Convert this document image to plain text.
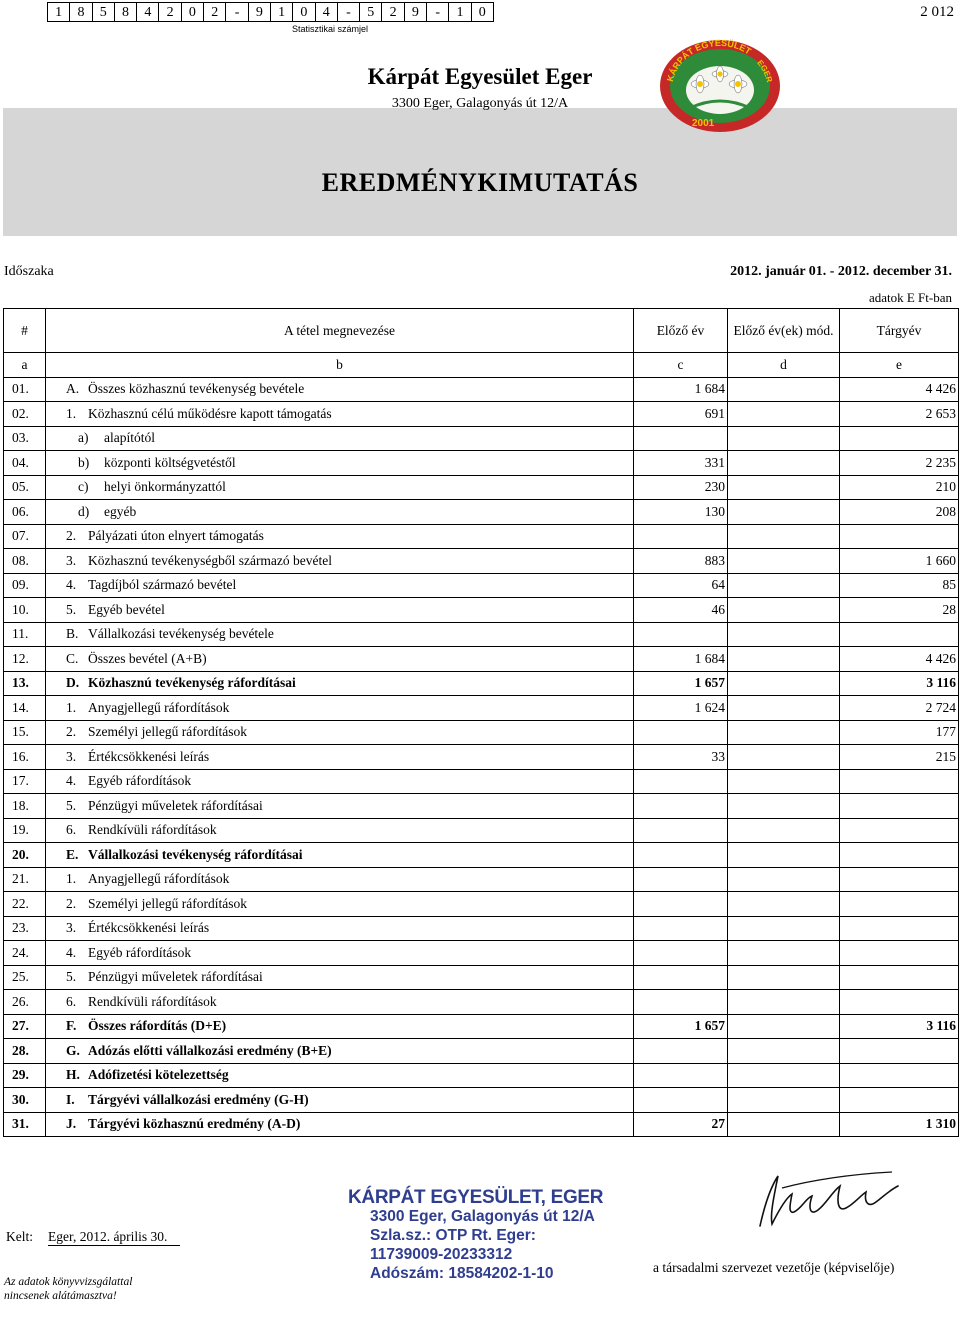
1	8	5	8	4	2	0	2	-	9	1	0	4	-	5	2	9	-	1	0
Statisztikai számjel
2 012
Kárpát Egyesület Eger
3300 Eger, Galagonyás út 12/A
KÁRPÁT EGYESÜLET
EGER
2001
EREDMÉNYKIMUTATÁS
Időszaka	2012. január 01. - 2012. december 31.
adatok E Ft-ban
#	A tétel megnevezése	Előző év	Előző év(ek) mód.	Tárgyév
a	b	c	d	e
01.	A. Összes közhasznú tevékenység bevétele	1 684		4 426
02.	1. Közhasznú célú működésre kapott támogatás	691		2 653
03.	a) alapítótól			
04.	b) központi költségvetéstől	331		2 235
05.	c) helyi önkormányzattól	230		210
06.	d) egyéb	130		208
07.	2. Pályázati úton elnyert támogatás			
08.	3. Közhasznú tevékenységből származó bevétel	883		1 660
09.	4. Tagdíjból származó bevétel	64		85
10.	5. Egyéb bevétel	46		28
11.	B. Vállalkozási tevékenység bevétele			
12.	C. Összes bevétel (A+B)	1 684		4 426
13.	D. Közhasznú tevékenység ráfordításai	1 657		3 116
14.	1. Anyagjellegű ráfordítások	1 624		2 724
15.	2. Személyi jellegű ráfordítások			177
16.	3. Értékcsökkenési leírás	33		215
17.	4. Egyéb ráfordítások			
18.	5. Pénzügyi műveletek ráfordításai			
19.	6. Rendkívüli ráfordítások			
20.	E. Vállalkozási tevékenység ráfordításai			
21.	1. Anyagjellegű ráfordítások			
22.	2. Személyi jellegű ráfordítások			
23.	3. Értékcsökkenési leírás			
24.	4. Egyéb ráfordítások			
25.	5. Pénzügyi műveletek ráfordításai			
26.	6. Rendkívüli ráfordítások			
27.	F. Összes ráfordítás (D+E)	1 657		3 116
28.	G. Adózás előtti vállalkozási eredmény (B+E)			
29.	H. Adófizetési kötelezettség			
30.	I. Tárgyévi vállalkozási eredmény (G-H)			
31.	J. Tárgyévi közhasznú eredmény (A-D)	27		1 310
KÁRPÁT EGYESÜLET, EGER
3300 Eger, Galagonyás út 12/A
Szla.sz.: OTP Rt. Eger:
11739009-20233312
Adószám: 18584202-1-10
Kelt: Eger, 2012. április 30.
a társadalmi szervezet vezetője (képviselője)
Az adatok könyvvizsgálattal nincsenek alátámasztva!
